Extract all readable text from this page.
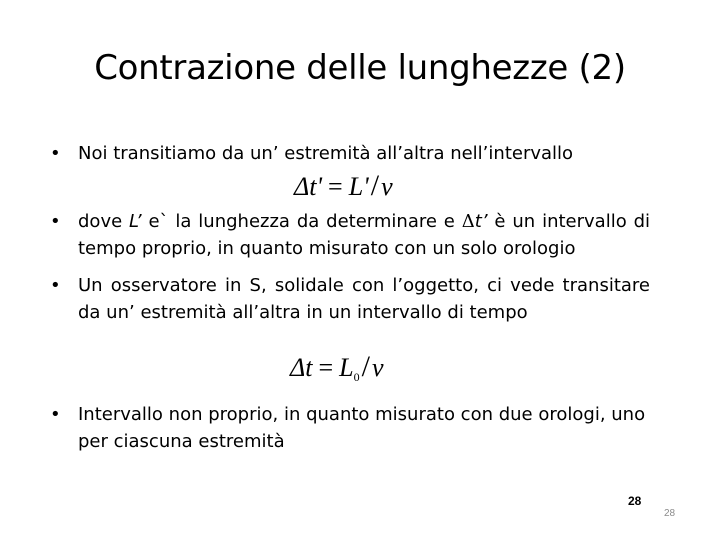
Contrazione delle lunghezze (2)
• Noi transitiamo da un’ estremità all’altra nell’intervallo
Δt' = L'/v
• dove L’ e` la lunghezza da determinare e Δt’ è un intervallo di tempo proprio, in quanto misurato con un solo orologio
• Un osservatore in S, solidale con l’oggetto, ci vede transitare da un’ estremità all’altra in un intervallo di tempo
$\Delta t = L_0/v$
• Intervallo non proprio, in quanto misurato con due orologi, uno per ciascuna estremità
28
28
